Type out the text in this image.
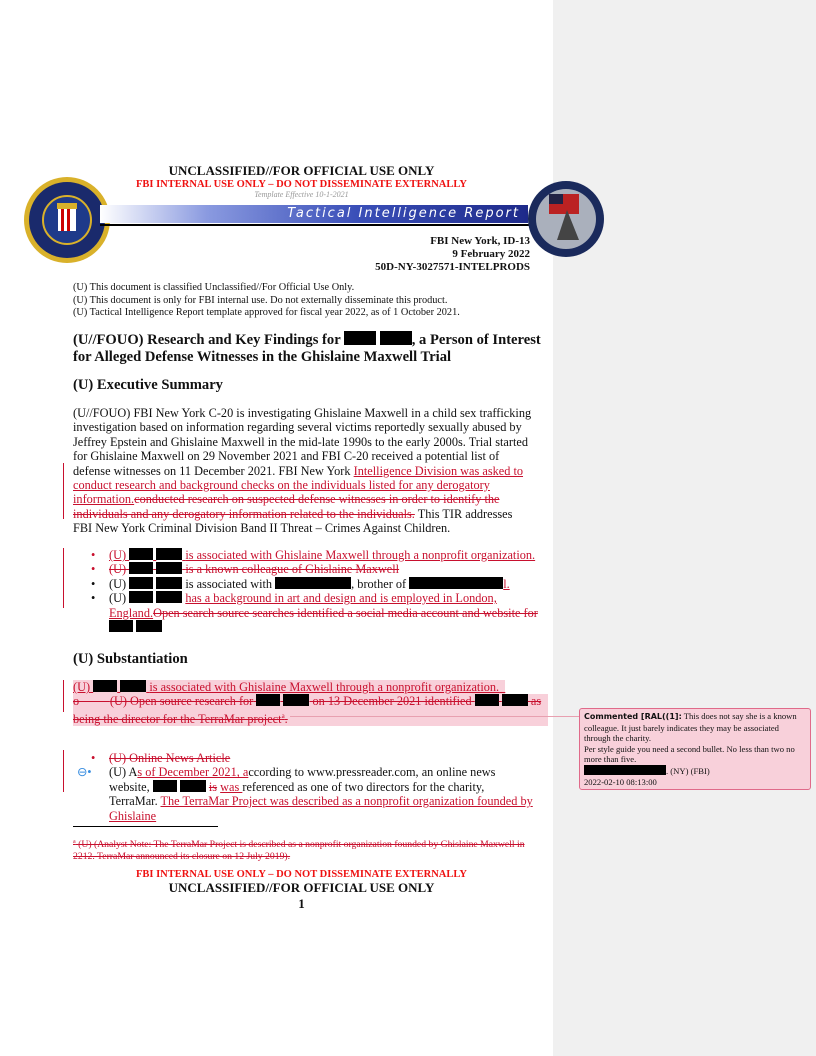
UNCLASSIFIED//FOR OFFICIAL USE ONLY
FBI INTERNAL USE ONLY – DO NOT DISSEMINATE EXTERNALLY
Template Effective 10-1-2021
Tactical Intelligence Report
FBI New York, ID-13
9 February 2022
50D-NY-3027571-INTELPRODS
(U) This document is classified Unclassified//For Official Use Only.
(U) This document is only for FBI internal use. Do not externally disseminate this product.
(U) Tactical Intelligence Report template approved for fiscal year 2022, as of 1 October 2021.
(U//FOUO) Research and Key Findings for	, a Person of Interest for Alleged Defense Witnesses in the Ghislaine Maxwell Trial
(U) Executive Summary
(U//FOUO) FBI New York C-20 is investigating Ghislaine Maxwell in a child sex trafficking investigation based on information regarding several victims reportedly sexually abused by Jeffrey Epstein and Ghislaine Maxwell in the mid-late 1990s to the early 2000s. Trial started for Ghislaine Maxwell on 29 November 2021 and FBI C-20 received a potential list of defense witnesses on 11 December 2021. FBI New York Intelligence Division was asked to conduct research and background checks on the individuals listed for any derogatory information.conducted research on suspected defense witnesses in order to identify the individuals and any derogatory information related to the individuals. This TIR addresses FBI New York Criminal Division Band II Threat – Crimes Against Children.
• (U)	is associated with Ghislaine Maxwell through a nonprofit organization.
• (U)	is a known colleague of Ghislaine Maxwell
• (U)	is associated with	, brother of	l.
• (U)	has a background in art and design and is employed in London, England.Open search source searches identified a social media account and website for
(U) Substantiation
(U)	is associated with Ghislaine Maxwell through a nonprofit organization.
o          (U) Open source research for	on 13 December 2021 identified	as being the director for the TerraMar project$^a$.
• (U) Online News Article
⊖• (U) As of December 2021, according to www.pressreader.com, an online news website,	is was referenced as one of two directors for the charity, TerraMar. The TerraMar Project was described as a nonprofit organization founded by Ghislaine
$^a$ (U) (Analyst Note: The TerraMar Project is described as a nonprofit organization founded by Ghislaine Maxwell in 2212. TerraMar announced its closure on 12 July 2019).
FBI INTERNAL USE ONLY – DO NOT DISSEMINATE EXTERNALLY
UNCLASSIFIED//FOR OFFICIAL USE ONLY
1
Commented [RAL((1]: This does not say she is a known colleague. It just barely indicates they may be associated through the charity.
Per style guide you need a second bullet. No less than two no more than five.
. (NY) (FBI)
2022-02-10 08:13:00
